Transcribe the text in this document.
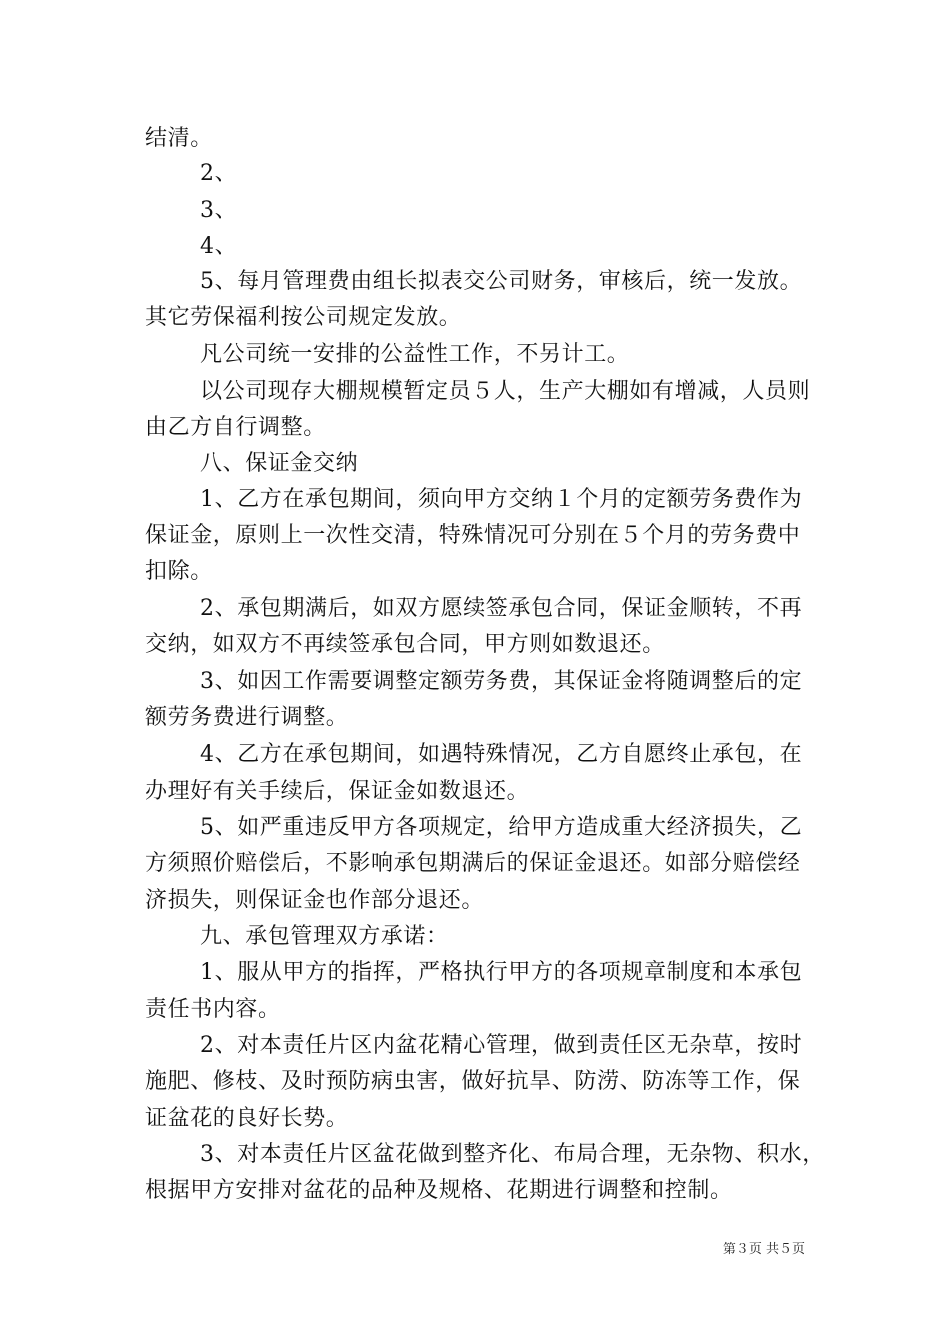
结清。
2、
3、
4、
5、每月管理费由组长拟表交公司财务，审核后，统一发放。
其它劳保福利按公司规定发放。
凡公司统一安排的公益性工作，不另计工。
以公司现存大棚规模暂定员５人，生产大棚如有增减，人员则
由乙方自行调整。
八、保证金交纳
1、乙方在承包期间，须向甲方交纳１个月的定额劳务费作为
保证金，原则上一次性交清，特殊情况可分别在５个月的劳务费中
扣除。
2、承包期满后，如双方愿续签承包合同，保证金顺转，不再
交纳，如双方不再续签承包合同，甲方则如数退还。
3、如因工作需要调整定额劳务费，其保证金将随调整后的定
额劳务费进行调整。
4、乙方在承包期间，如遇特殊情况，乙方自愿终止承包，在
办理好有关手续后，保证金如数退还。
5、如严重违反甲方各项规定，给甲方造成重大经济损失，乙
方须照价赔偿后，不影响承包期满后的保证金退还。如部分赔偿经
济损失，则保证金也作部分退还。
九、承包管理双方承诺：
1、服从甲方的指挥，严格执行甲方的各项规章制度和本承包
责任书内容。
2、对本责任片区内盆花精心管理，做到责任区无杂草，按时
施肥、修枝、及时预防病虫害，做好抗旱、防涝、防冻等工作，保
证盆花的良好长势。
3、对本责任片区盆花做到整齐化、布局合理，无杂物、积水，
根据甲方安排对盆花的品种及规格、花期进行调整和控制。
第３页 共５页
